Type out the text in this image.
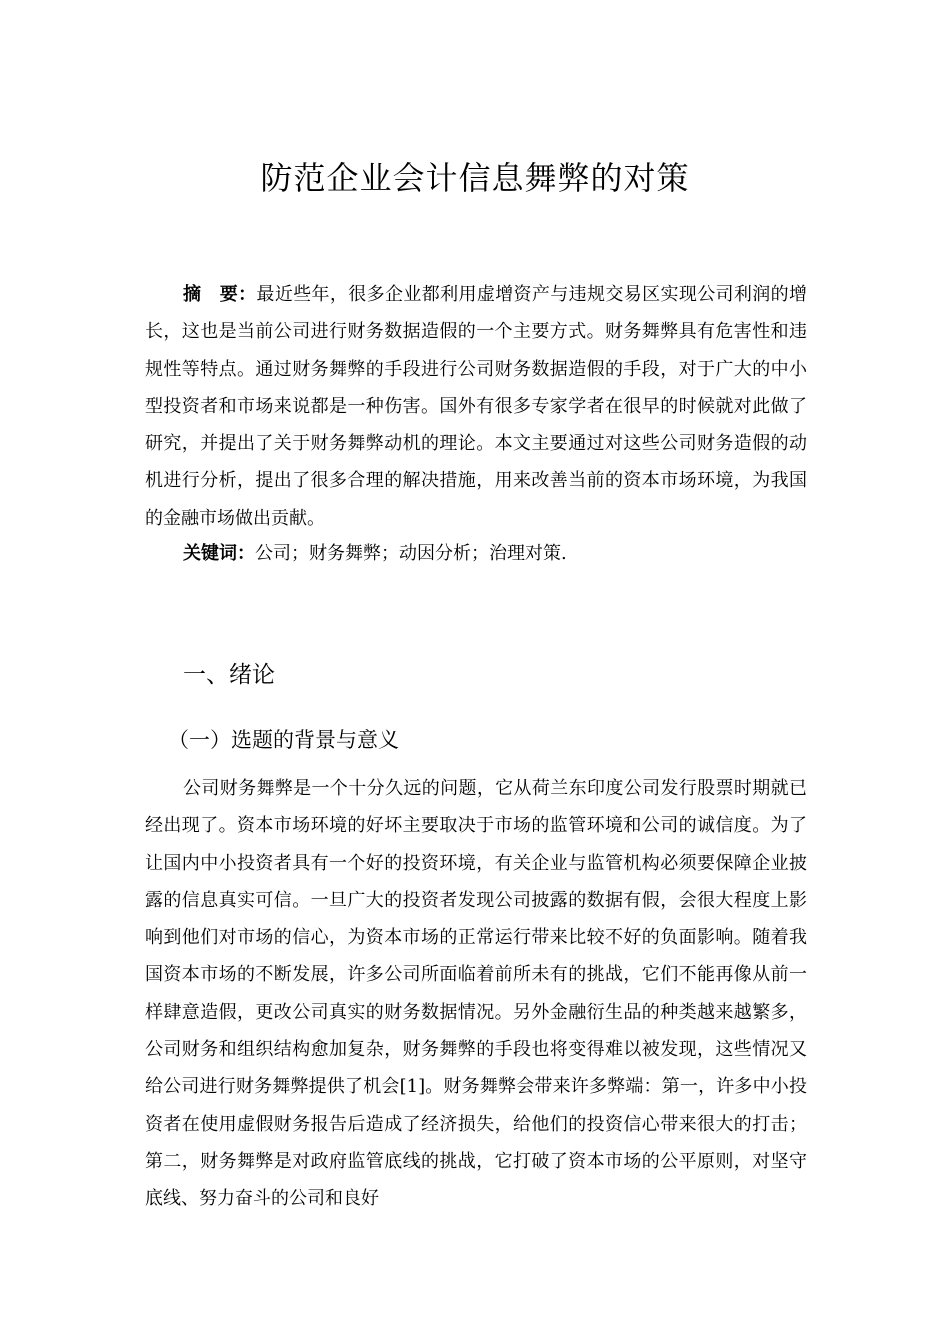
防范企业会计信息舞弊的对策

摘　要：最近些年，很多企业都利用虚增资产与违规交易区实现公司利润的增长，这也是当前公司进行财务数据造假的一个主要方式。财务舞弊具有危害性和违规性等特点。通过财务舞弊的手段进行公司财务数据造假的手段，对于广大的中小型投资者和市场来说都是一种伤害。国外有很多专家学者在很早的时候就对此做了研究，并提出了关于财务舞弊动机的理论。本文主要通过对这些公司财务造假的动机进行分析，提出了很多合理的解决措施，用来改善当前的资本市场环境，为我国的金融市场做出贡献。

关键词：公司；财务舞弊；动因分析；治理对策.

一、绪论
（一）选题的背景与意义

公司财务舞弊是一个十分久远的问题，它从荷兰东印度公司发行股票时期就已经出现了。资本市场环境的好坏主要取决于市场的监管环境和公司的诚信度。为了让国内中小投资者具有一个好的投资环境，有关企业与监管机构必须要保障企业披露的信息真实可信。一旦广大的投资者发现公司披露的数据有假，会很大程度上影响到他们对市场的信心，为资本市场的正常运行带来比较不好的负面影响。随着我国资本市场的不断发展，许多公司所面临着前所未有的挑战，它们不能再像从前一样肆意造假，更改公司真实的财务数据情况。另外金融衍生品的种类越来越繁多，公司财务和组织结构愈加复杂，财务舞弊的手段也将变得难以被发现，这些情况又给公司进行财务舞弊提供了机会[1]。财务舞弊会带来许多弊端：第一，许多中小投资者在使用虚假财务报告后造成了经济损失，给他们的投资信心带来很大的打击；第二，财务舞弊是对政府监管底线的挑战，它打破了资本市场的公平原则，对坚守底线、努力奋斗的公司和良好
